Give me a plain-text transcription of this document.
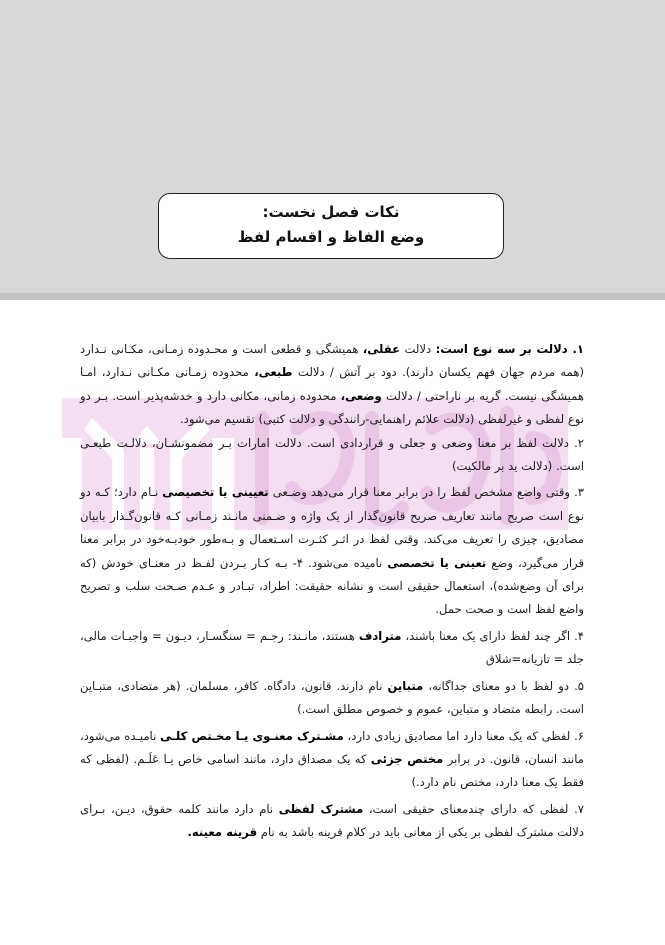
نکات فصل نخست:
وضع الفاظ و اقسام لفظ

۱. دلالت بر سه نوع است: دلالت عقلی، همیشگی و قطعی است و محـدوده زمـانی، مکـانی نـدارد (همه مردم جهان فهم یکسان دارند). دود بر آتش / دلالت طبعی، محدوده زمـانی مکـانی نـدارد، امـا همیشگی نیست. گریه بر ناراحتی / دلالت وضعی، محدوده زمانی، مکانی دارد و خدشه‌پذیر است. بـر دو نوع لفظی و غیرلفظی (دلالت علائم راهنمایی-رانندگی و دلالت کتبی) تقسیم می‌شود.

۲. دلالت لفظ بر معنا وضعی و جعلی و قراردادی است. دلالت امارات بـر مضمونشـان، دلالـت طبعـی است. (دلالت ید بر مالکیت)

۳. وقتی واضع مشخص لفظ را در برابر معنا قرار می‌دهد وضـعی تعیینی یا تخصیصی نـام دارد؛ کـه دو نوع است صریح مانند تعاریف صریح قانون‌گذار از یک واژه و ضـمنی مانـند زمـانی کـه قانون‌گـذار بابیان مصادیق، چیزی را تعریف می‌کند. وقتی لفظ در اثـر کثـرت اسـتعمال و بـه‌طور خودبـه‌خود در برابر معنا قرار می‌گیرد، وضع تعینی یا تخصصی نامیده می‌شود. ۴- بـه کـار بـردن لفـظ در معنـای خودش (که برای آن وضع‌شده)، استعمال حقیقی است و نشانه حقیقت: اطراد، تبـادر و عـدم صـحت سلب و تصریح واضع لفظ است و صحت حمل.

۴. اگر چند لفظ دارای یک معنا باشند، مترادف هستند، مانـند: رجـم = سنگسـار، دیـون = واجبـات مالی، جلد = تازیانه=شلاق

۵. دو لفظ با دو معنای جداگانه، متباین نام دارند. قانون، دادگاه. کافر، مسلمان. (هر متضادی، متبـاین است. رابطه متضاد و متباین، عموم و خصوص مطلق است.)

۶. لفظی که یک معنا دارد اما مصادیق زیادی دارد، مشـترک معنـوی یـا مخـتص کلـی نامیـده می‌شود، مانند انسان، قانون. در برابر مختص جزئی که یک مصداق دارد، مانند اسامی خاص یـا عَلَـم. (لفظی که فقط یک معنا دارد، مختص نام دارد.)

۷. لفظی که دارای چندمعنای حقیقی است، مشترک لفظی نام دارد مانند کلمه حقوق، دیـن، بـرای دلالت مشترک لفظی بر یکی از معانی باید در کلام قرینه باشد به نام قرینه معینه.
